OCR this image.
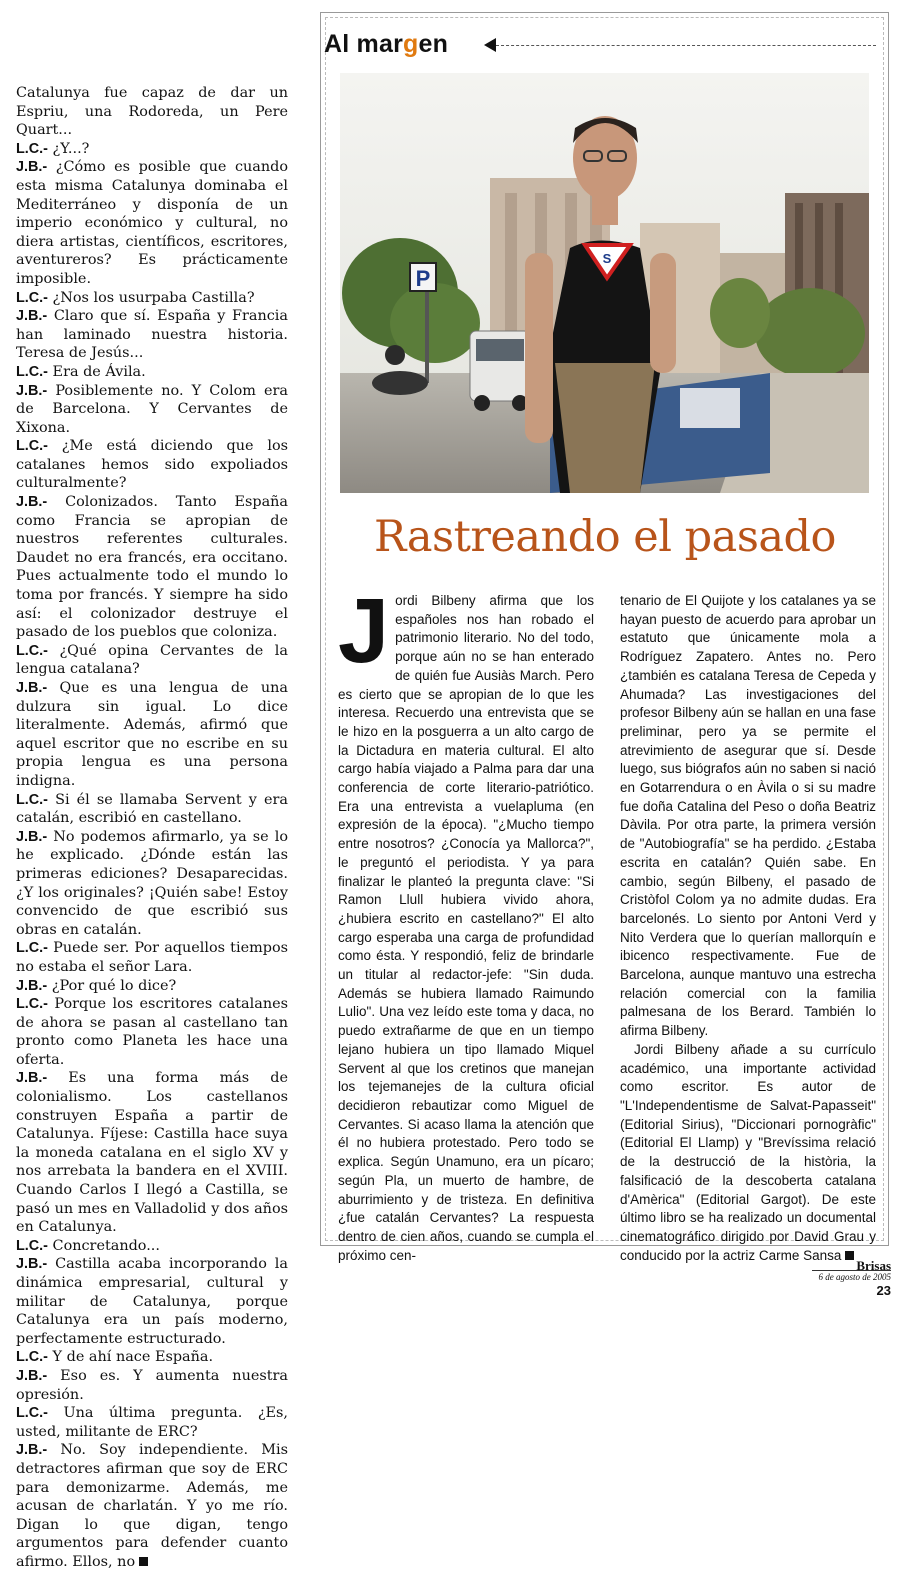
Catalunya fue capaz de dar un Espriu, una Rodoreda, un Pere Quart...

L.C.- ¿Y...?

J.B.- ¿Cómo es posible que cuando esta misma Catalunya dominaba el Mediterráneo y disponía de un imperio económico y cultural, no diera artistas, científicos, escritores, aventureros? Es prácticamente imposible.

L.C.- ¿Nos los usurpaba Castilla?

J.B.- Claro que sí. España y Francia han laminado nuestra historia. Teresa de Jesús...

L.C.- Era de Ávila.

J.B.- Posiblemente no. Y Colom era de Barcelona. Y Cervantes de Xixona.

L.C.- ¿Me está diciendo que los catalanes hemos sido expoliados culturalmente?

J.B.- Colonizados. Tanto España como Francia se apropian de nuestros referentes culturales. Daudet no era francés, era occitano. Pues actualmente todo el mundo lo toma por francés. Y siempre ha sido así: el colonizador destruye el pasado de los pueblos que coloniza.

L.C.- ¿Qué opina Cervantes de la lengua catalana?

J.B.- Que es una lengua de una dulzura sin igual. Lo dice literalmente. Además, afirmó que aquel escritor que no escribe en su propia lengua es una persona indigna.

L.C.- Si él se llamaba Servent y era catalán, escribió en castellano.

J.B.- No podemos afirmarlo, ya se lo he explicado. ¿Dónde están las primeras ediciones? Desaparecidas. ¿Y los originales? ¡Quién sabe! Estoy convencido de que escribió sus obras en catalán.

L.C.- Puede ser. Por aquellos tiempos no estaba el señor Lara.

J.B.- ¿Por qué lo dice?

L.C.- Porque los escritores catalanes de ahora se pasan al castellano tan pronto como Planeta les hace una oferta.

J.B.- Es una forma más de colonialismo. Los castellanos construyen España a partir de Catalunya. Fíjese: Castilla hace suya la moneda catalana en el siglo XV y nos arrebata la bandera en el XVIII. Cuando Carlos I llegó a Castilla, se pasó un mes en Valladolid y dos años en Catalunya.

L.C.- Concretando...

J.B.- Castilla acaba incorporando la dinámica empresarial, cultural y militar de Catalunya, porque Catalunya era un país moderno, perfectamente estructurado.

L.C.- Y de ahí nace España.

J.B.- Eso es. Y aumenta nuestra opresión.

L.C.- Una última pregunta. ¿Es, usted, militante de ERC?

J.B.- No. Soy independiente. Mis detractores afirman que soy de ERC para demonizarme. Además, me acusan de charlatán. Y yo me río. Digan lo que digan, tengo argumentos para defender cuanto afirmo. Ellos, no

Al margen
P
S
Rastreando el pasado
J ordi Bilbeny afirma que los españoles nos han robado el patrimonio literario. No del todo, porque aún no se han enterado de quién fue Ausiàs March. Pero es cierto que se apropian de lo que les interesa. Recuerdo una entrevista que se le hizo en la posguerra a un alto cargo de la Dictadura en materia cultural. El alto cargo había viajado a Palma para dar una conferencia de corte literario-patriótico. Era una entrevista a vuelapluma (en expresión de la época). "¿Mucho tiempo entre nosotros? ¿Conocía ya Mallorca?", le preguntó el periodista. Y ya para finalizar le planteó la pregunta clave: "Si Ramon Llull hubiera vivido ahora, ¿hubiera escrito en castellano?" El alto cargo esperaba una carga de profundidad como ésta. Y respondió, feliz de brindarle un titular al redactor-jefe: "Sin duda. Además se hubiera llamado Raimundo Lulio". Una vez leído este toma y daca, no puedo extrañarme de que en un tiempo lejano hubiera un tipo llamado Miquel Servent al que los cretinos que manejan los tejemanejes de la cultura oficial decidieron rebautizar como Miguel de Cervantes. Si acaso llama la atención que él no hubiera protestado. Pero todo se explica. Según Unamuno, era un pícaro; según Pla, un muerto de hambre, de aburrimiento y de tristeza. En definitiva ¿fue catalán Cervantes? La respuesta dentro de cien años, cuando se cumpla el próximo cen-

tenario de El Quijote y los catalanes ya se hayan puesto de acuerdo para aprobar un estatuto que únicamente mola a Rodríguez Zapatero. Antes no. Pero ¿también es catalana Teresa de Cepeda y Ahumada? Las investigaciones del profesor Bilbeny aún se hallan en una fase preliminar, pero ya se permite el atrevimiento de asegurar que sí. Desde luego, sus biógrafos aún no saben si nació en Gotarrendura o en Àvila o si su madre fue doña Catalina del Peso o doña Beatriz Dàvila. Por otra parte, la primera versión de "Autobiografía" se ha perdido. ¿Estaba escrita en catalán? Quién sabe. En cambio, según Bilbeny, el pasado de Cristòfol Colom ya no admite dudas. Era barcelonés. Lo siento por Antoni Verd y Nito Verdera que lo querían mallorquín e ibicenco respectivamente. Fue de Barcelona, aunque mantuvo una estrecha relación comercial con la familia palmesana de los Berard. También lo afirma Bilbeny.

Jordi Bilbeny añade a su currículo académico, una importante actividad como escritor. Es autor de "L'Independentisme de Salvat-Papasseit" (Editorial Sirius), "Diccionari pornogràfic" (Editorial El Llamp) y "Brevíssima relació de la destrucció de la història, la falsificació de la descoberta catalana d'Amèrica" (Editorial Gargot). De este último libro se ha realizado un documental cinematográfico dirigido por David Grau y conducido por la actriz Carme Sansa

Brisas
6 de agosto de 2005
23
